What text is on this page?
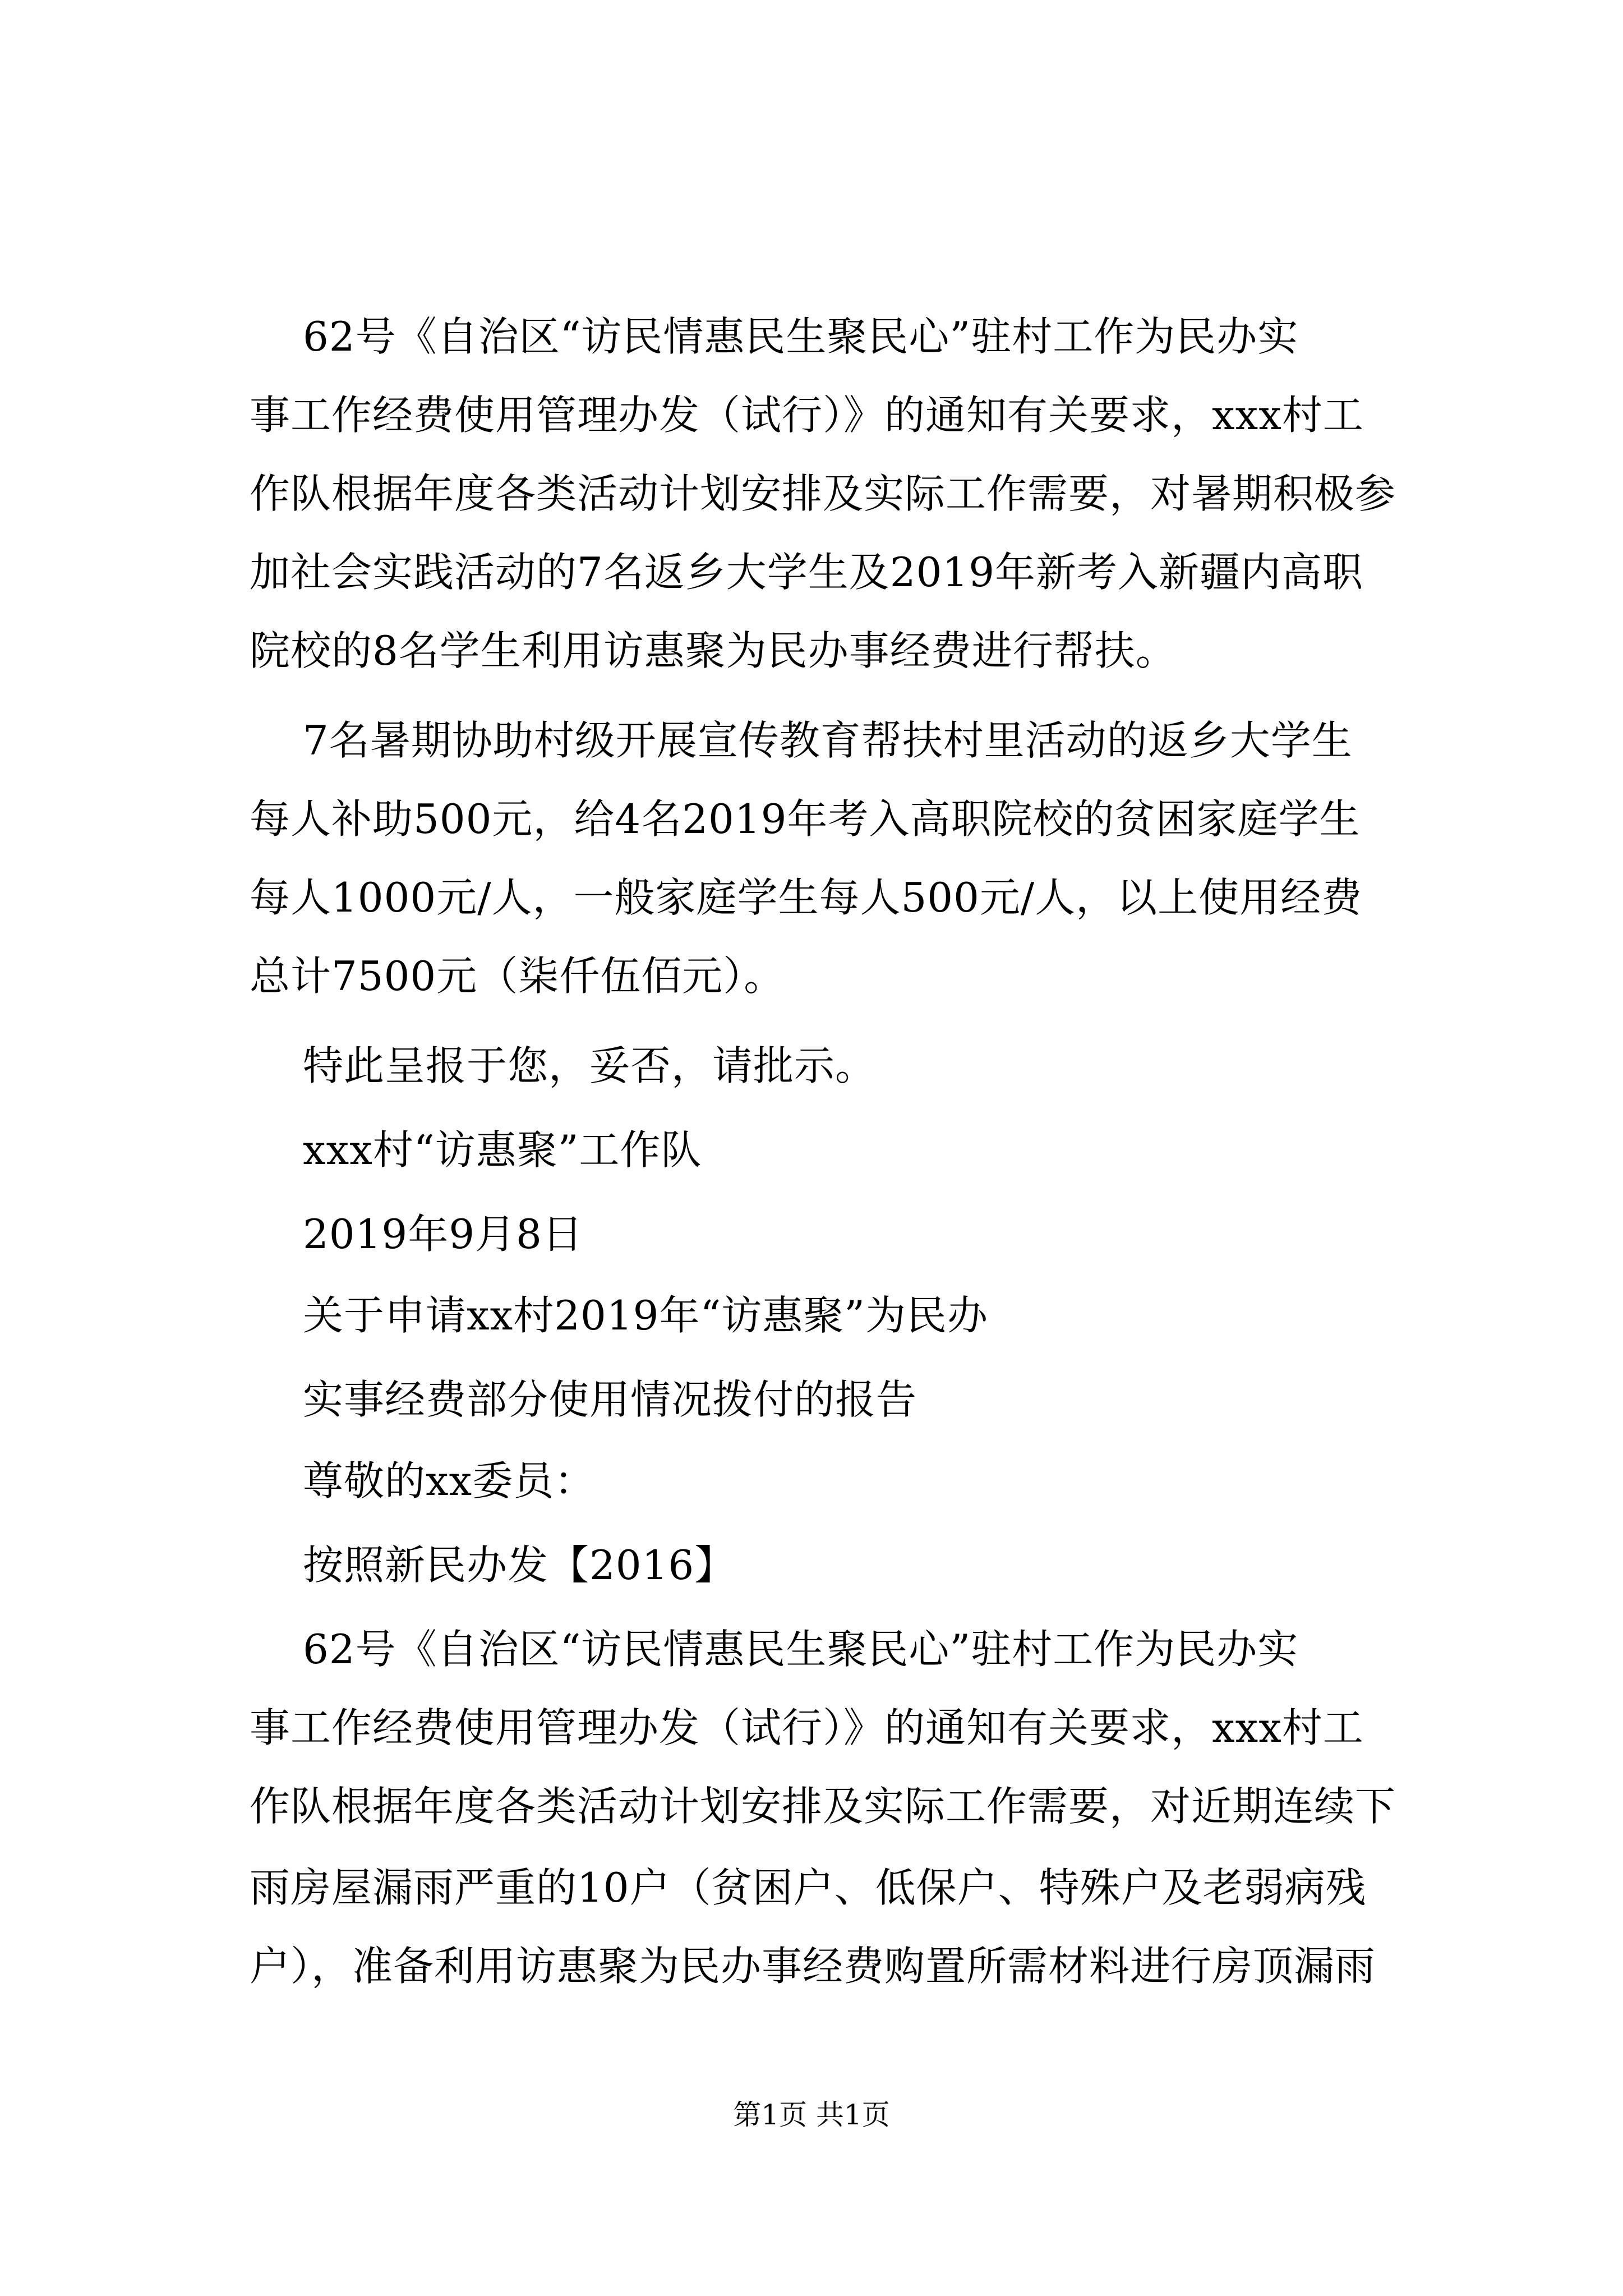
62号《自治区“访民情惠民生聚民心”驻村工作为民办实
事工作经费使用管理办发（试行）》的通知有关要求，xxx村工
作队根据年度各类活动计划安排及实际工作需要，对暑期积极参
加社会实践活动的7名返乡大学生及2019年新考入新疆内高职
院校的8名学生利用访惠聚为民办事经费进行帮扶。
7名暑期协助村级开展宣传教育帮扶村里活动的返乡大学生
每人补助500元，给4名2019年考入高职院校的贫困家庭学生
每人1000元/人，一般家庭学生每人500元/人，以上使用经费
总计7500元（柒仟伍佰元）。
特此呈报于您，妥否，请批示。
xxx村“访惠聚”工作队
2019年9月8日
关于申请xx村2019年“访惠聚”为民办
实事经费部分使用情况拨付的报告
尊敬的xx委员：
按照新民办发【2016】
62号《自治区“访民情惠民生聚民心”驻村工作为民办实
事工作经费使用管理办发（试行）》的通知有关要求，xxx村工
作队根据年度各类活动计划安排及实际工作需要，对近期连续下
雨房屋漏雨严重的10户（贫困户、低保户、特殊户及老弱病残
户），准备利用访惠聚为民办事经费购置所需材料进行房顶漏雨
第1页 共1页
